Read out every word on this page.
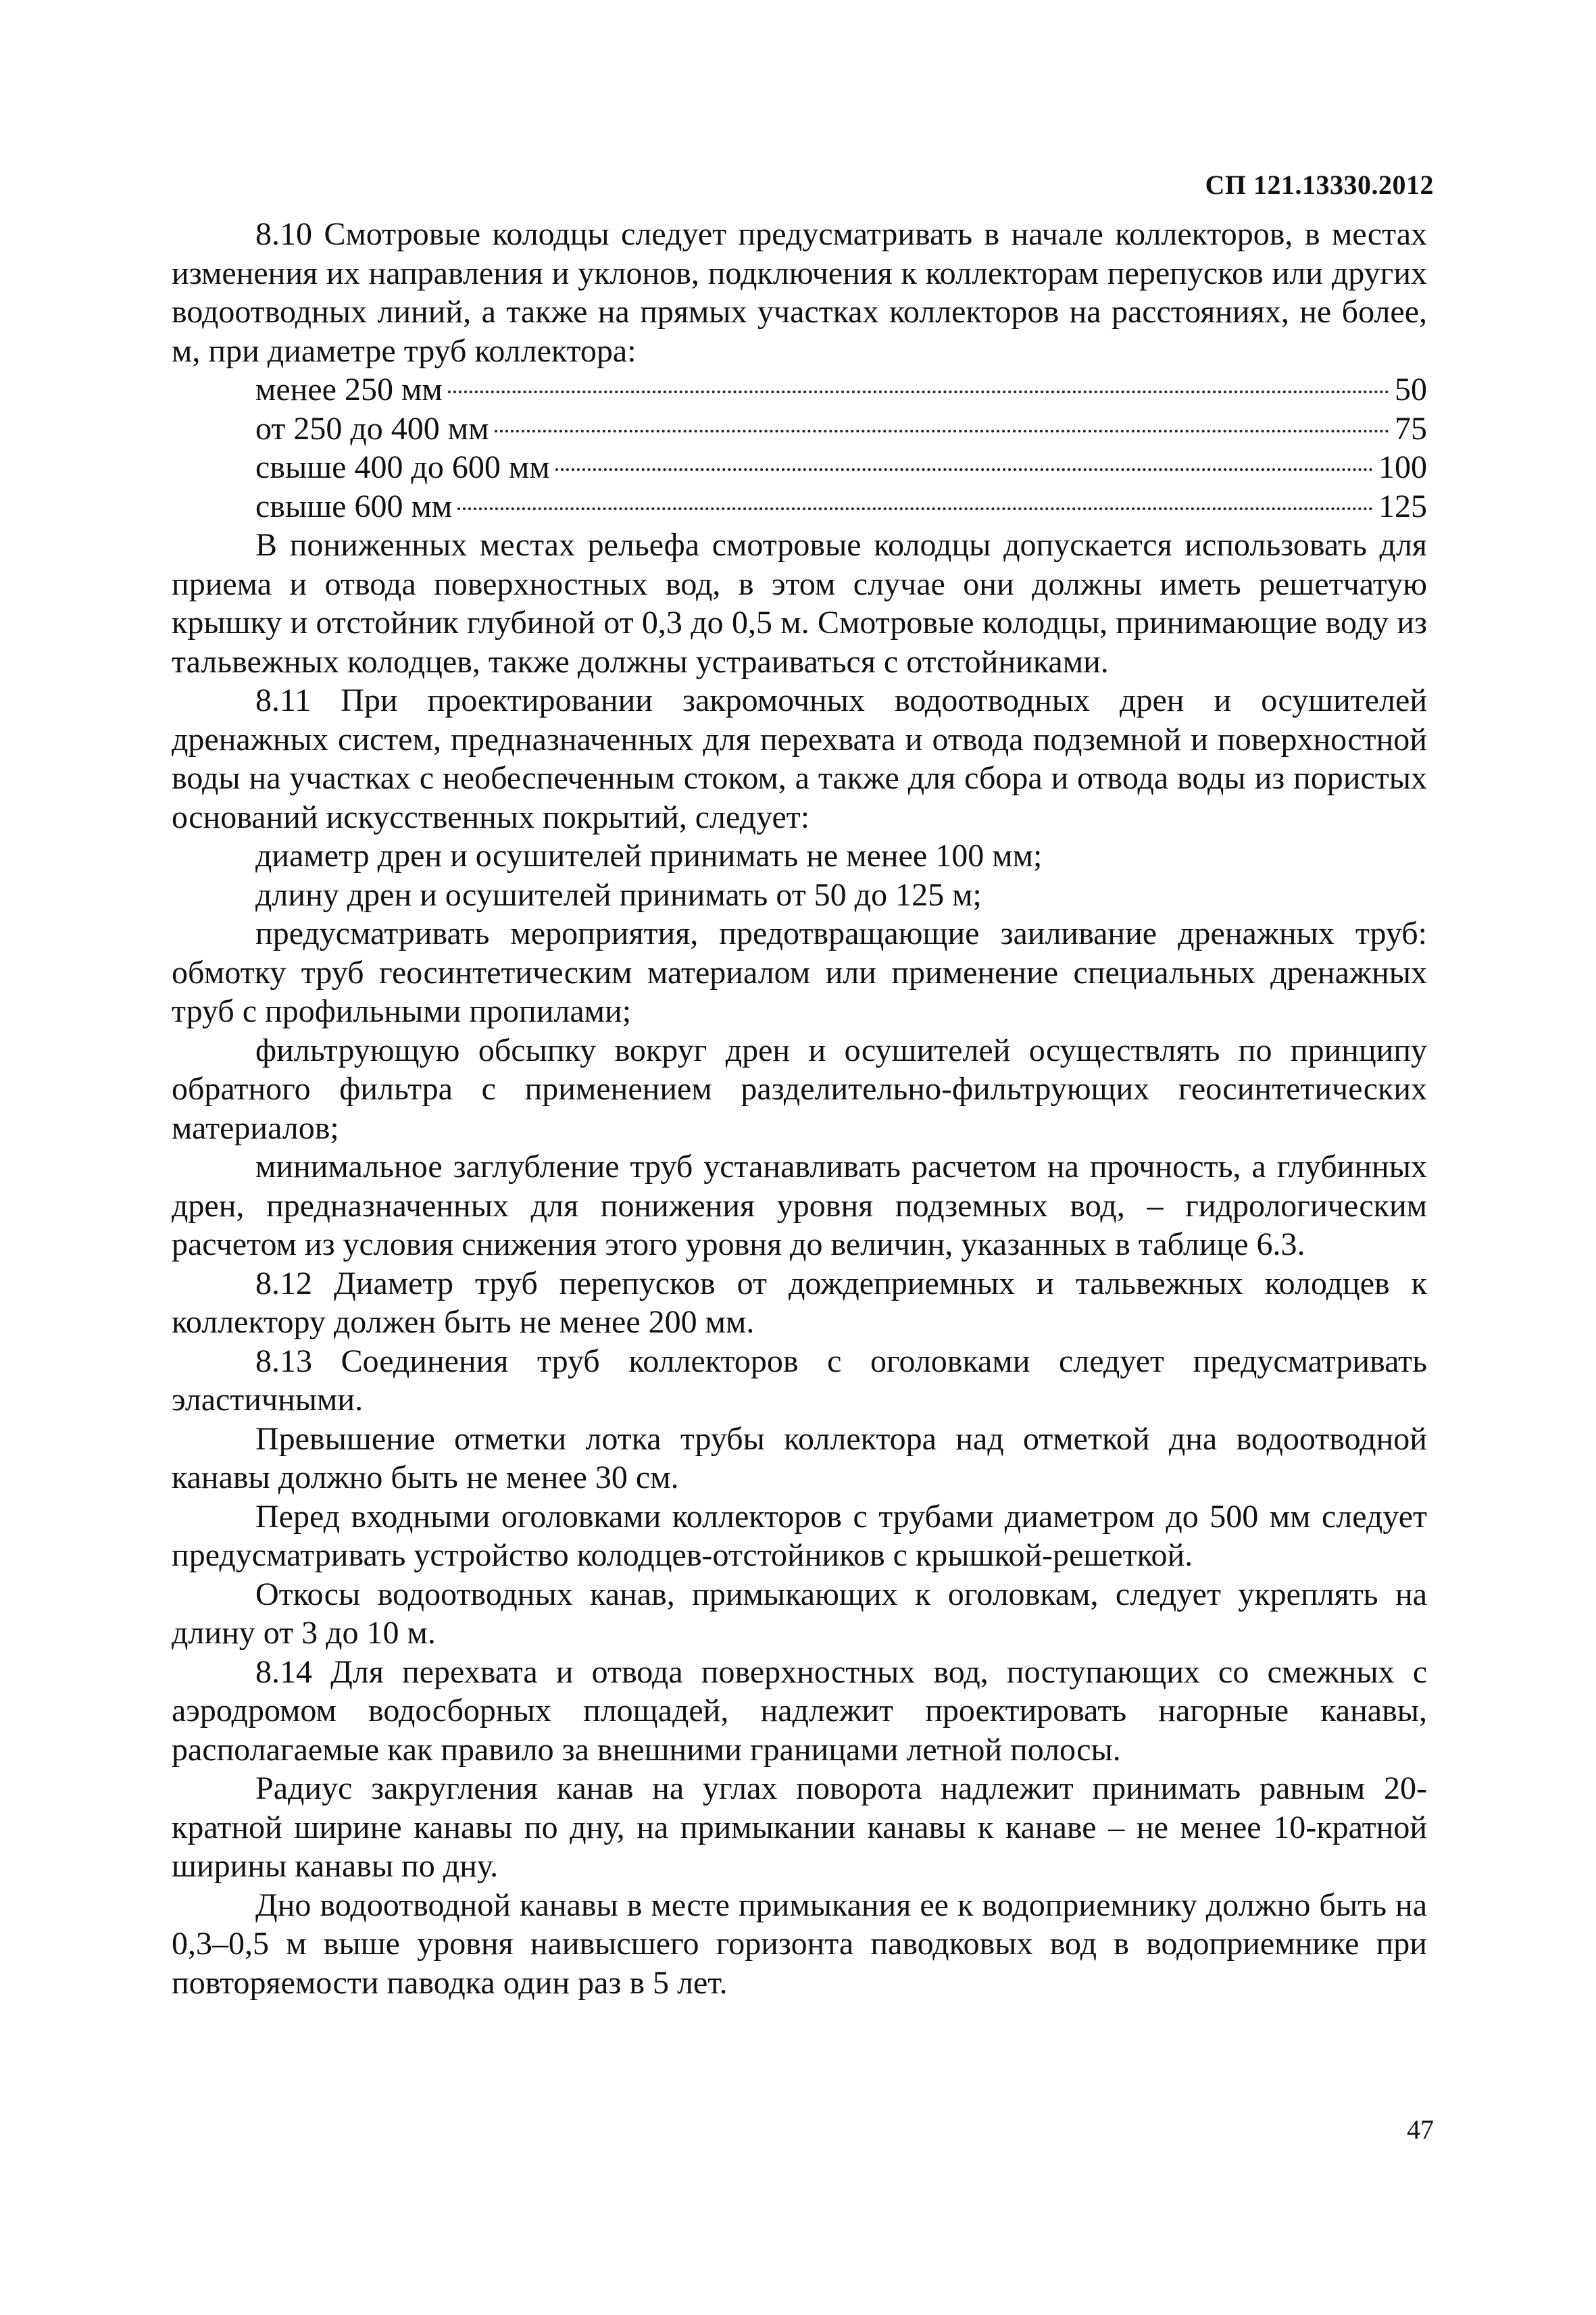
СП 121.13330.2012

8.10 Смотровые колодцы следует предусматривать в начале коллекторов, в местах изменения их направления и уклонов, подключения к коллекторам перепусков или других водоотводных линий, а также на прямых участках коллекторов на расстояниях, не более, м, при диаметре труб коллектора:

менее 250 мм	50
от 250 до 400 мм	75
свыше 400 до 600 мм	100
свыше 600 мм	125

В пониженных местах рельефа смотровые колодцы допускается использовать для приема и отвода поверхностных вод, в этом случае они должны иметь решетчатую крышку и отстойник глубиной от 0,3 до 0,5 м. Смотровые колодцы, принимающие воду из тальвежных колодцев, также должны устраиваться с отстойниками.

8.11 При проектировании закромочных водоотводных дрен и осушителей дренажных систем, предназначенных для перехвата и отвода подземной и поверхностной воды на участках с необеспеченным стоком, а также для сбора и отвода воды из пористых оснований искусственных покрытий, следует:

диаметр дрен и осушителей принимать не менее 100 мм;

длину дрен и осушителей принимать от 50 до 125 м;

предусматривать мероприятия, предотвращающие заиливание дренажных труб: обмотку труб геосинтетическим материалом или применение специальных дренажных труб с профильными пропилами;

фильтрующую обсыпку вокруг дрен и осушителей осуществлять по принципу обратного фильтра с применением разделительно-фильтрующих геосинтетических материалов;

минимальное заглубление труб устанавливать расчетом на прочность, а глубинных дрен, предназначенных для понижения уровня подземных вод, – гидрологическим расчетом из условия снижения этого уровня до величин, указанных в таблице 6.3.

8.12 Диаметр труб перепусков от дождеприемных и тальвежных колодцев к коллектору должен быть не менее 200 мм.

8.13 Соединения труб коллекторов с оголовками следует предусматривать эластичными.

Превышение отметки лотка трубы коллектора над отметкой дна водоотводной канавы должно быть не менее 30 см.

Перед входными оголовками коллекторов с трубами диаметром до 500 мм следует предусматривать устройство колодцев-отстойников с крышкой-решеткой.

Откосы водоотводных канав, примыкающих к оголовкам, следует укреплять на длину от 3 до 10 м.

8.14 Для перехвата и отвода поверхностных вод, поступающих со смежных с аэродромом водосборных площадей, надлежит проектировать нагорные канавы, располагаемые как правило за внешними границами летной полосы.

Радиус закругления канав на углах поворота надлежит принимать равным 20-кратной ширине канавы по дну, на примыкании канавы к канаве – не менее 10-кратной ширины канавы по дну.

Дно водоотводной канавы в месте примыкания ее к водоприемнику должно быть на 0,3–0,5 м выше уровня наивысшего горизонта паводковых вод в водоприемнике при повторяемости паводка один раз в 5 лет.

47
